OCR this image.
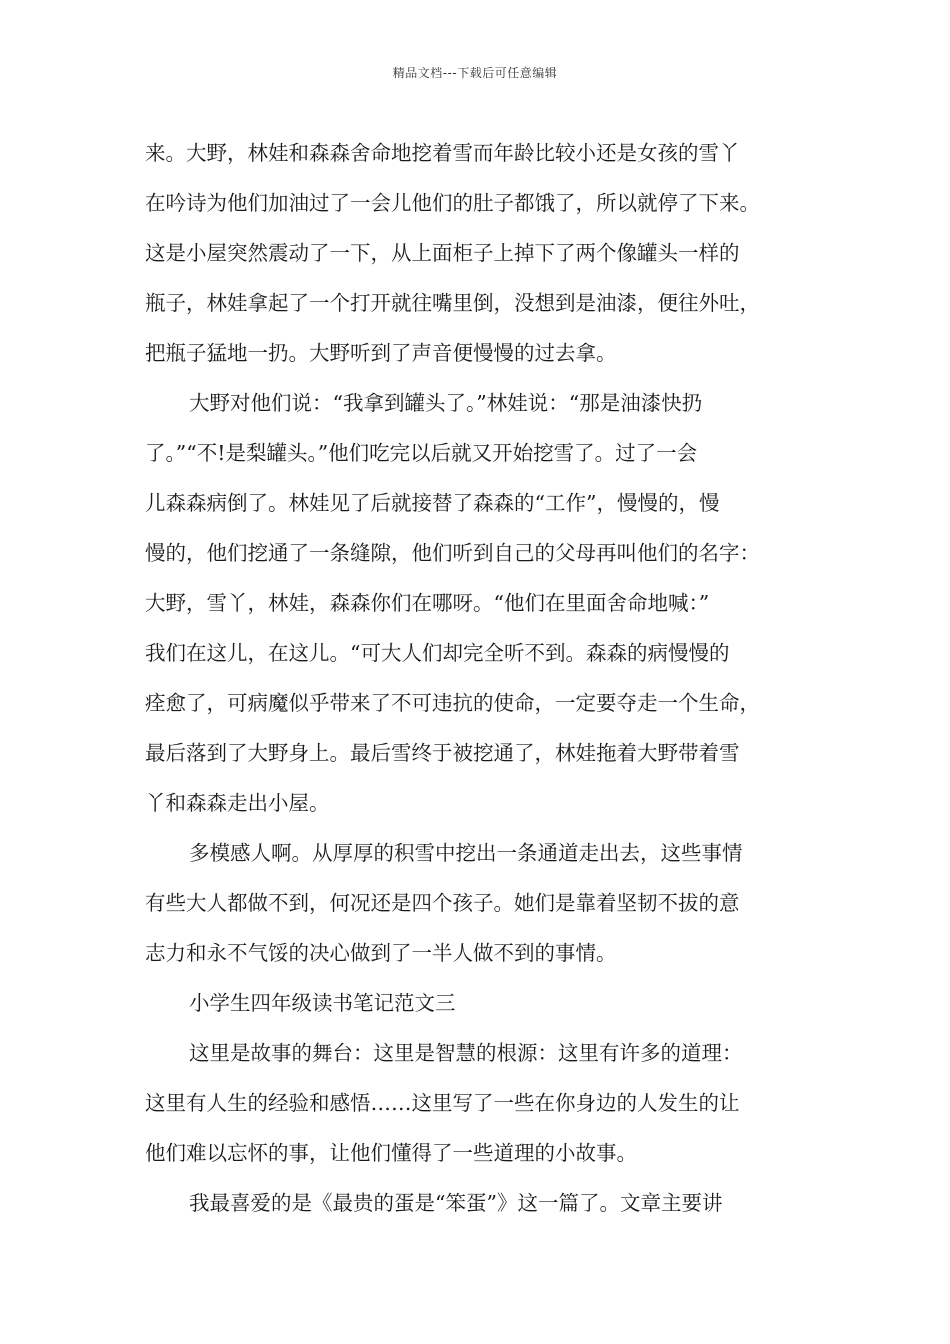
精品文档---下载后可任意编辑
来。大野，林娃和森森舍命地挖着雪而年龄比较小还是女孩的雪丫
在吟诗为他们加油过了一会儿他们的肚子都饿了，所以就停了下来。
这是小屋突然震动了一下，从上面柜子上掉下了两个像罐头一样的
瓶子，林娃拿起了一个打开就往嘴里倒，没想到是油漆，便往外吐，
把瓶子猛地一扔。大野听到了声音便慢慢的过去拿。
大野对他们说：“我拿到罐头了。”林娃说：“那是油漆快扔
了。”“不!是梨罐头。”他们吃完以后就又开始挖雪了。过了一会
儿森森病倒了。林娃见了后就接替了森森的“工作”，慢慢的，慢
慢的，他们挖通了一条缝隙，他们听到自己的父母再叫他们的名字：
大野，雪丫，林娃，森森你们在哪呀。“他们在里面舍命地喊：”
我们在这儿，在这儿。“可大人们却完全听不到。森森的病慢慢的
痊愈了，可病魔似乎带来了不可违抗的使命，一定要夺走一个生命，
最后落到了大野身上。最后雪终于被挖通了，林娃拖着大野带着雪
丫和森森走出小屋。
多模感人啊。从厚厚的积雪中挖出一条通道走出去，这些事情
有些大人都做不到，何况还是四个孩子。她们是靠着坚韧不拔的意
志力和永不气馁的决心做到了一半人做不到的事情。
小学生四年级读书笔记范文三
这里是故事的舞台：这里是智慧的根源：这里有许多的道理：
这里有人生的经验和感悟……这里写了一些在你身边的人发生的让
他们难以忘怀的事，让他们懂得了一些道理的小故事。
我最喜爱的是《最贵的蛋是“笨蛋”》这一篇了。文章主要讲
